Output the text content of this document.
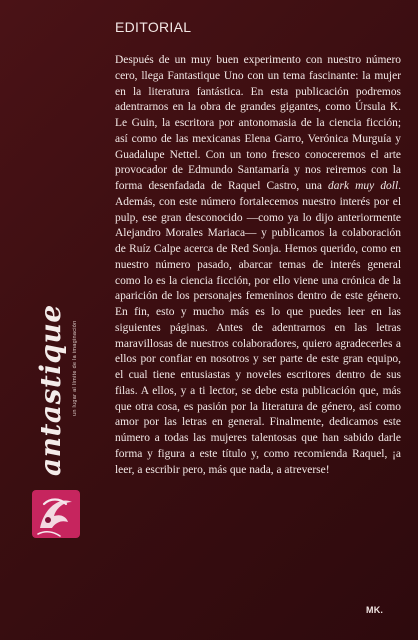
EDITORIAL

Después de un muy buen experimento con nuestro número cero, llega Fantastique Uno con un tema fascinante: la mujer en la literatura fantástica. En esta publicación podremos adentrarnos en la obra de grandes gigantes, como Úrsula K. Le Guin, la escritora por antonomasia de la ciencia ficción; así como de las mexicanas Elena Garro, Verónica Murguía y Guadalupe Nettel. Con un tono fresco conoceremos el arte provocador de Edmundo Santamaría y nos reiremos con la forma desenfadada de Raquel Castro, una dark muy doll. Además, con este número fortalecemos nuestro interés por el pulp, ese gran desconocido —como ya lo dijo anteriormente Alejandro Morales Mariaca— y publicamos la colaboración de Ruíz Calpe acerca de Red Sonja. Hemos querido, como en nuestro número pasado, abarcar temas de interés general como lo es la ciencia ficción, por ello viene una crónica de la aparición de los personajes femeninos dentro de este género. En fin, esto y mucho más es lo que puedes leer en las siguientes páginas. Antes de adentrarnos en las letras maravillosas de nuestros colaboradores, quiero agradecerles a ellos por confiar en nosotros y ser parte de este gran equipo, el cual tiene entusiastas y noveles escritores dentro de sus filas. A ellos, y a ti lector, se debe esta publicación que, más que otra cosa, es pasión por la literatura de género, así como amor por las letras en general. Finalmente, dedicamos este número a todas las mujeres talentosas que han sabido darle forma y figura a este título y, como recomienda Raquel, ¡a leer, a escribir pero, más que nada, a atreverse!

antastique un lugar al límite de la imaginación
MK.
